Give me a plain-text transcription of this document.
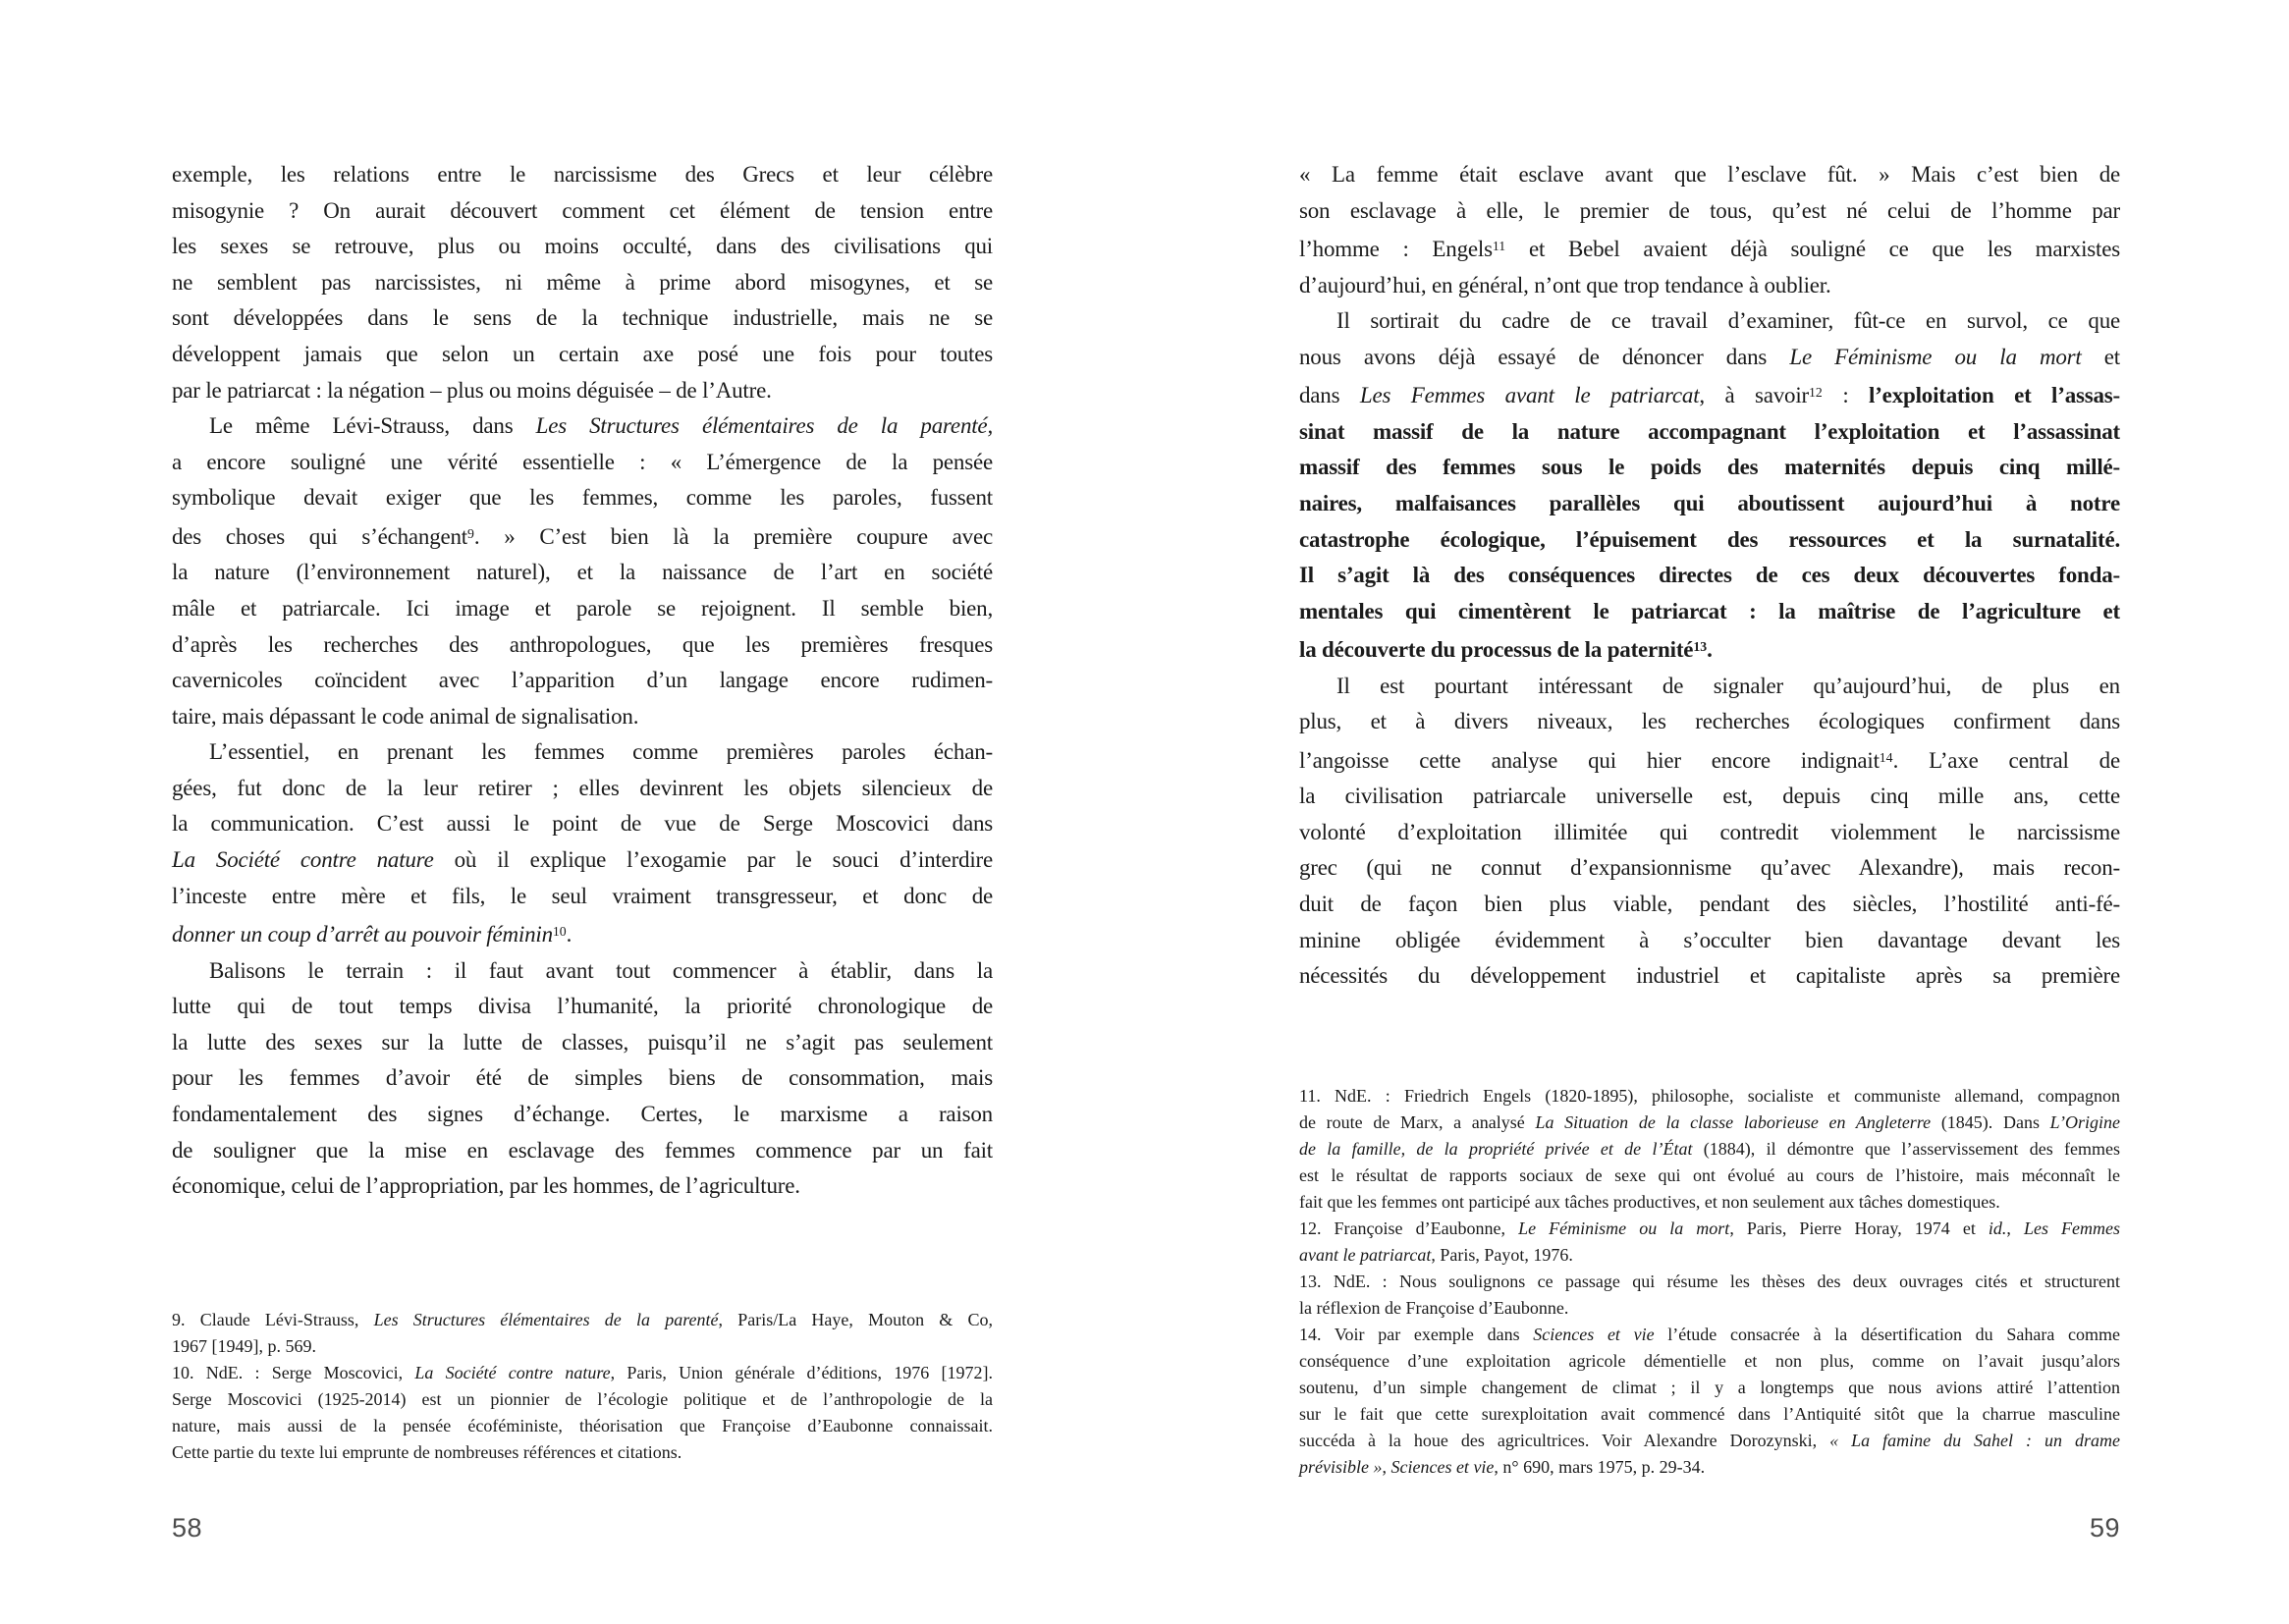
exemple, les relations entre le narcissisme des Grecs et leur célèbre
misogynie ? On aurait découvert comment cet élément de tension entre
les sexes se retrouve, plus ou moins occulté, dans des civilisations qui
ne semblent pas narcissistes, ni même à prime abord misogynes, et se
sont développées dans le sens de la technique industrielle, mais ne se
développent jamais que selon un certain axe posé une fois pour toutes
par le patriarcat : la négation – plus ou moins déguisée – de l’Autre.

Le même Lévi-Strauss, dans Les Structures élémentaires de la parenté,
a encore souligné une vérité essentielle : « L’émergence de la pensée
symbolique devait exiger que les femmes, comme les paroles, fussent
des choses qui s’échangent$^9$. » C’est bien là la première coupure avec
la nature (l’environnement naturel), et la naissance de l’art en société
mâle et patriarcale. Ici image et parole se rejoignent. Il semble bien,
d’après les recherches des anthropologues, que les premières fresques
cavernicoles coïncident avec l’apparition d’un langage encore rudimen-
taire, mais dépassant le code animal de signalisation.

L’essentiel, en prenant les femmes comme premières paroles échan-
gées, fut donc de la leur retirer ; elles devinrent les objets silencieux de
la communication. C’est aussi le point de vue de Serge Moscovici dans
La Société contre nature où il explique l’exogamie par le souci d’interdire
l’inceste entre mère et fils, le seul vraiment transgresseur, et donc de
donner un coup d’arrêt au pouvoir féminin$^{10}$.

Balisons le terrain : il faut avant tout commencer à établir, dans la
lutte qui de tout temps divisa l’humanité, la priorité chronologique de
la lutte des sexes sur la lutte de classes, puisqu’il ne s’agit pas seulement
pour les femmes d’avoir été de simples biens de consommation, mais
fondamentalement des signes d’échange. Certes, le marxisme a raison
de souligner que la mise en esclavage des femmes commence par un fait
économique, celui de l’appropriation, par les hommes, de l’agriculture.

9. Claude Lévi-Strauss, Les Structures élémentaires de la parenté, Paris/La Haye, Mouton & Co,
1967 [1949], p. 569.

10. NdE. : Serge Moscovici, La Société contre nature, Paris, Union générale d’éditions, 1976 [1972].
Serge Moscovici (1925-2014) est un pionnier de l’écologie politique et de l’anthropologie de la
nature, mais aussi de la pensée écoféministe, théorisation que Françoise d’Eaubonne connaissait.
Cette partie du texte lui emprunte de nombreuses références et citations.

58

« La femme était esclave avant que l’esclave fût. » Mais c’est bien de
son esclavage à elle, le premier de tous, qu’est né celui de l’homme par
l’homme : Engels$^{11}$ et Bebel avaient déjà souligné ce que les marxistes
d’aujourd’hui, en général, n’ont que trop tendance à oublier.

Il sortirait du cadre de ce travail d’examiner, fût-ce en survol, ce que
nous avons déjà essayé de dénoncer dans Le Féminisme ou la mort et
dans Les Femmes avant le patriarcat, à savoir$^{12}$ : l’exploitation et l’assas-
sinat massif de la nature accompagnant l’exploitation et l’assassinat
massif des femmes sous le poids des maternités depuis cinq millé-
naires, malfaisances parallèles qui aboutissent aujourd’hui à notre
catastrophe écologique, l’épuisement des ressources et la surnatalité.
Il s’agit là des conséquences directes de ces deux découvertes fonda-
mentales qui cimentèrent le patriarcat : la maîtrise de l’agriculture et
la découverte du processus de la paternité$^{13}$.

Il est pourtant intéressant de signaler qu’aujourd’hui, de plus en
plus, et à divers niveaux, les recherches écologiques confirment dans
l’angoisse cette analyse qui hier encore indignait$^{14}$. L’axe central de
la civilisation patriarcale universelle est, depuis cinq mille ans, cette
volonté d’exploitation illimitée qui contredit violemment le narcissisme
grec (qui ne connut d’expansionnisme qu’avec Alexandre), mais recon-
duit de façon bien plus viable, pendant des siècles, l’hostilité anti-fé-
minine obligée évidemment à s’occulter bien davantage devant les
nécessités du développement industriel et capitaliste après sa première

11. NdE. : Friedrich Engels (1820-1895), philosophe, socialiste et communiste allemand, compagnon
de route de Marx, a analysé La Situation de la classe laborieuse en Angleterre (1845). Dans L’Origine
de la famille, de la propriété privée et de l’État (1884), il démontre que l’asservissement des femmes
est le résultat de rapports sociaux de sexe qui ont évolué au cours de l’histoire, mais méconnaît le
fait que les femmes ont participé aux tâches productives, et non seulement aux tâches domestiques.

12. Françoise d’Eaubonne, Le Féminisme ou la mort, Paris, Pierre Horay, 1974 et id., Les Femmes
avant le patriarcat, Paris, Payot, 1976.

13. NdE. : Nous soulignons ce passage qui résume les thèses des deux ouvrages cités et structurent
la réflexion de Françoise d’Eaubonne.

14. Voir par exemple dans Sciences et vie l’étude consacrée à la désertification du Sahara comme
conséquence d’une exploitation agricole démentielle et non plus, comme on l’avait jusqu’alors
soutenu, d’un simple changement de climat ; il y a longtemps que nous avions attiré l’attention
sur le fait que cette surexploitation avait commencé dans l’Antiquité sitôt que la charrue masculine
succéda à la houe des agricultrices. Voir Alexandre Dorozynski, « La famine du Sahel : un drame
prévisible », Sciences et vie, n° 690, mars 1975, p. 29-34.

59
